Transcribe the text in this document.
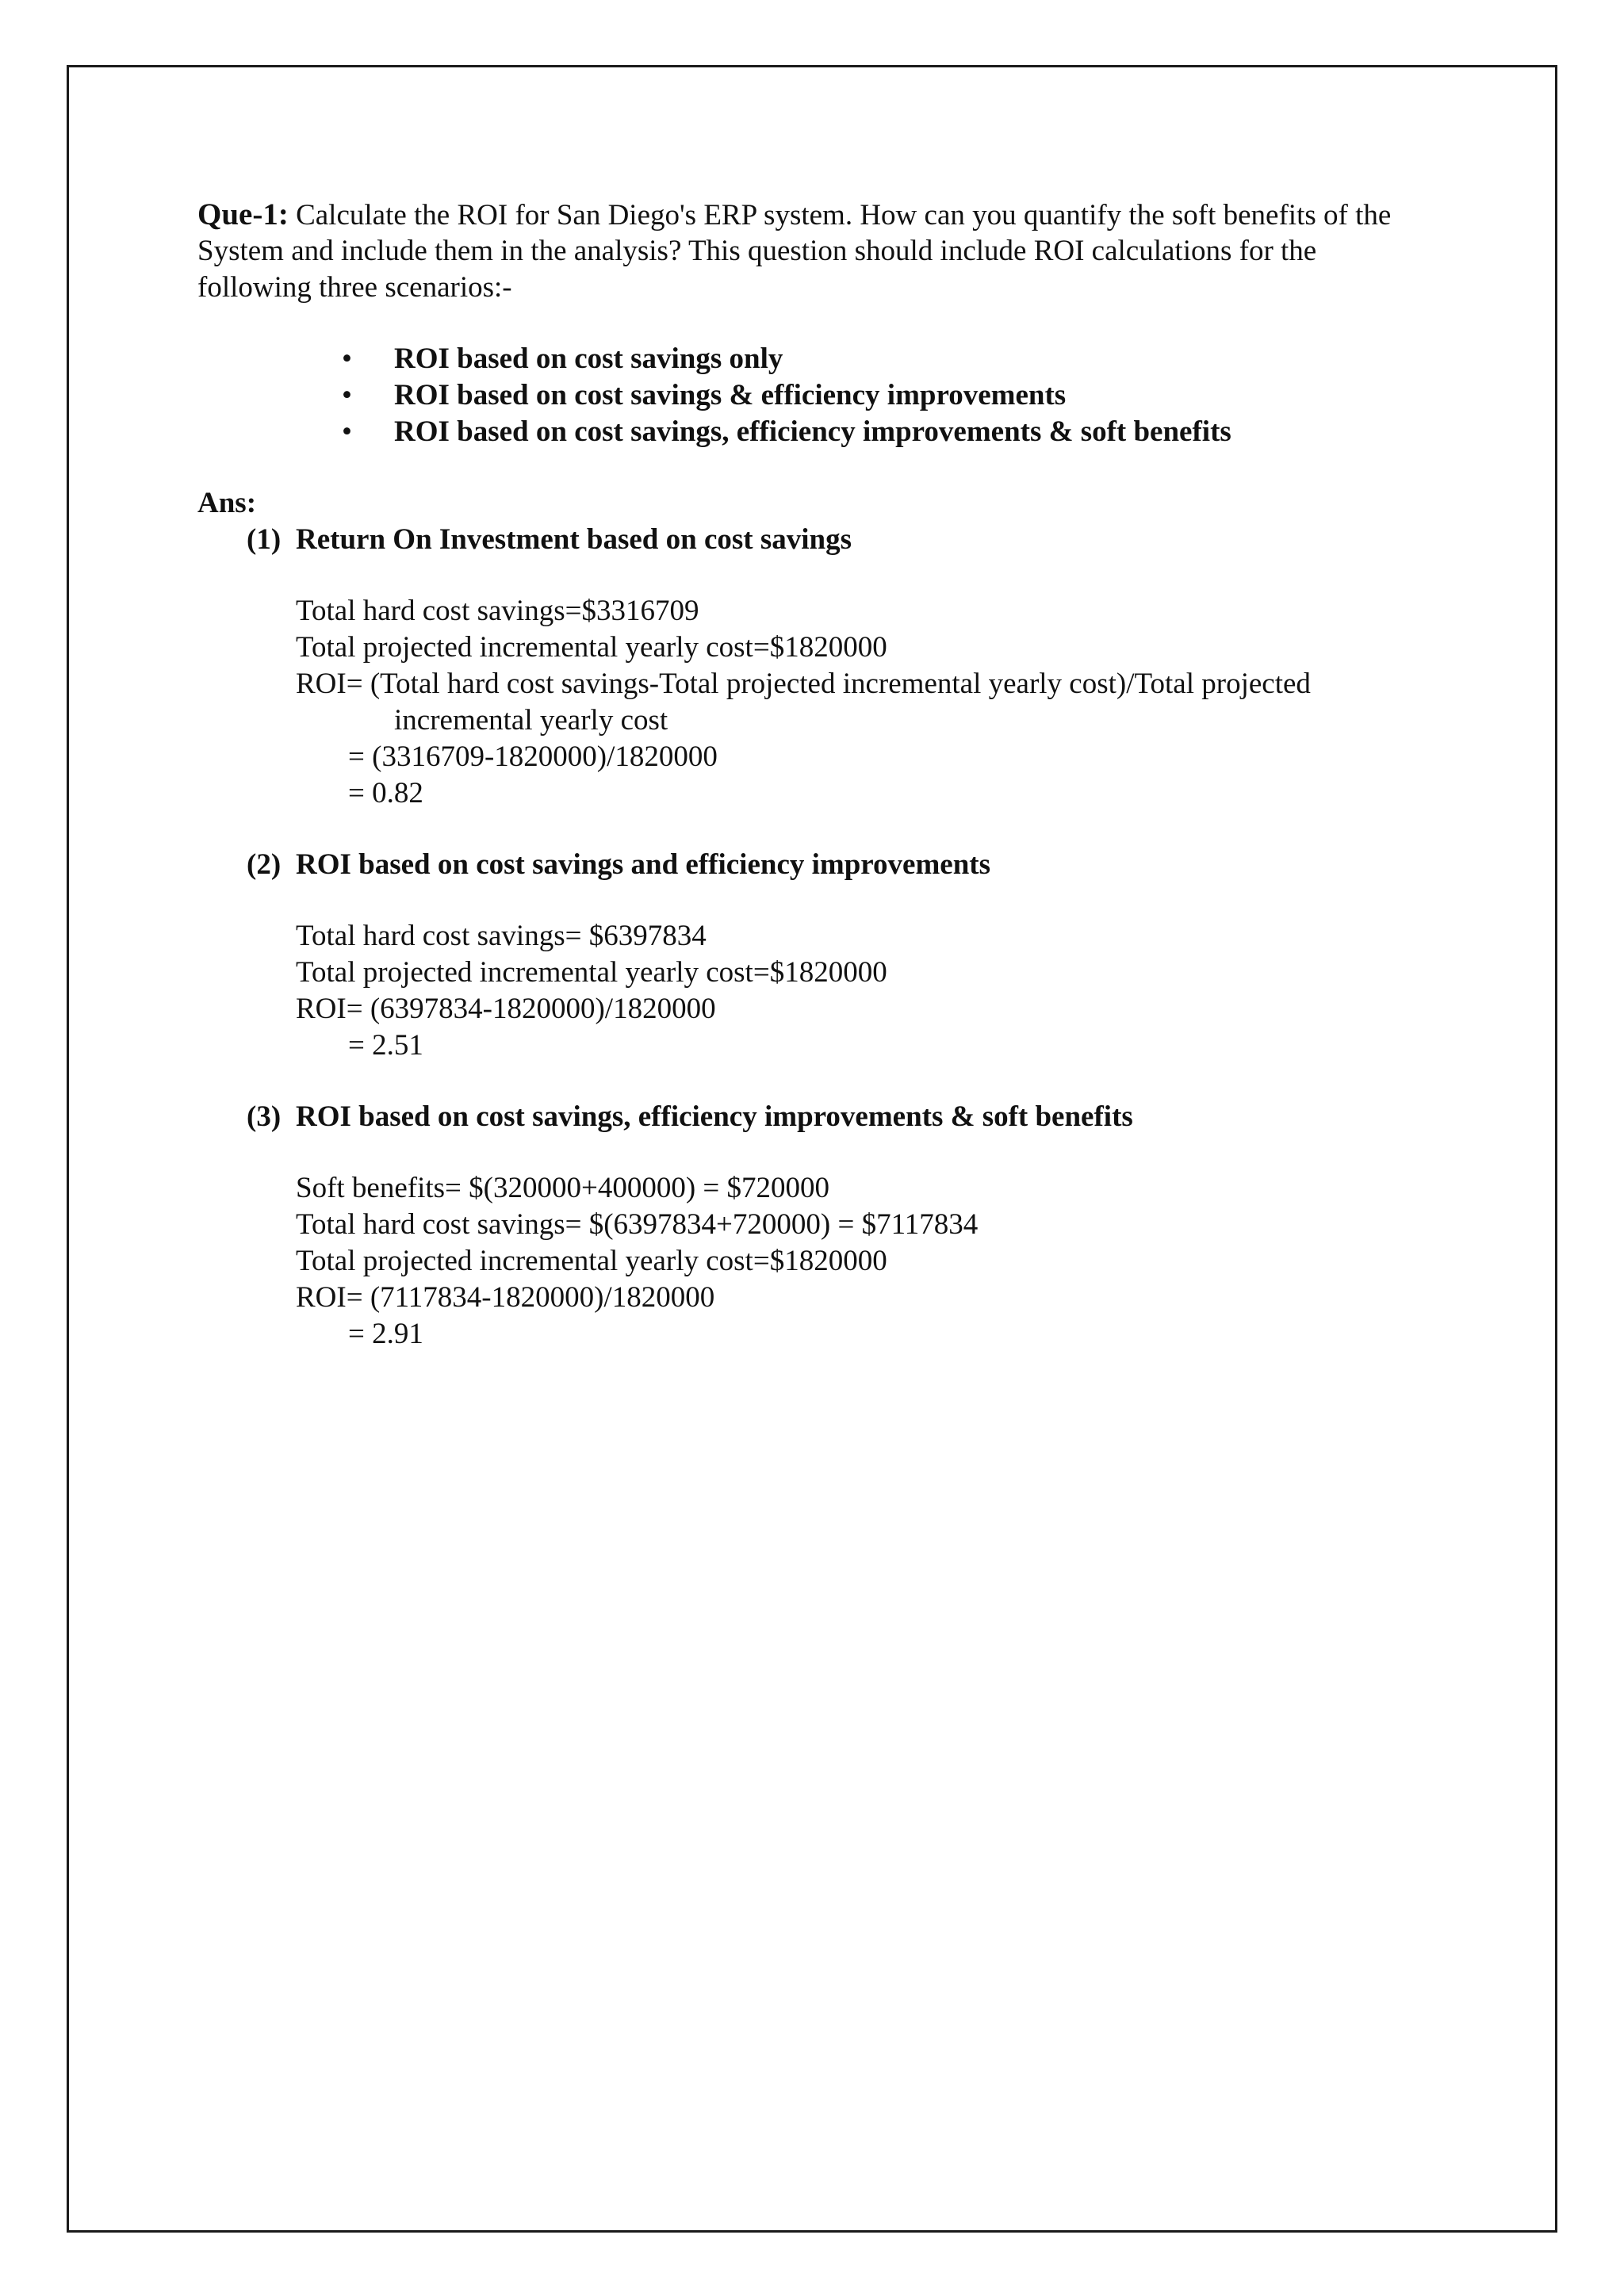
Que-1: Calculate the ROI for San Diego's ERP system. How can you quantify the soft benefits of the
System and include them in the analysis? This question should include ROI calculations for the
following three scenarios:-
• ROI based on cost savings only
• ROI based on cost savings & efficiency improvements
• ROI based on cost savings, efficiency improvements & soft benefits
Ans:
(1) Return On Investment based on cost savings
Total hard cost savings=$3316709
Total projected incremental yearly cost=$1820000
ROI= (Total hard cost savings-Total projected incremental yearly cost)/Total projected
incremental yearly cost
= (3316709-1820000)/1820000
= 0.82
(2) ROI based on cost savings and efficiency improvements
Total hard cost savings= $6397834
Total projected incremental yearly cost=$1820000
ROI= (6397834-1820000)/1820000
= 2.51
(3) ROI based on cost savings, efficiency improvements & soft benefits
Soft benefits= $(320000+400000) = $720000
Total hard cost savings= $(6397834+720000) = $7117834
Total projected incremental yearly cost=$1820000
ROI= (7117834-1820000)/1820000
= 2.91
